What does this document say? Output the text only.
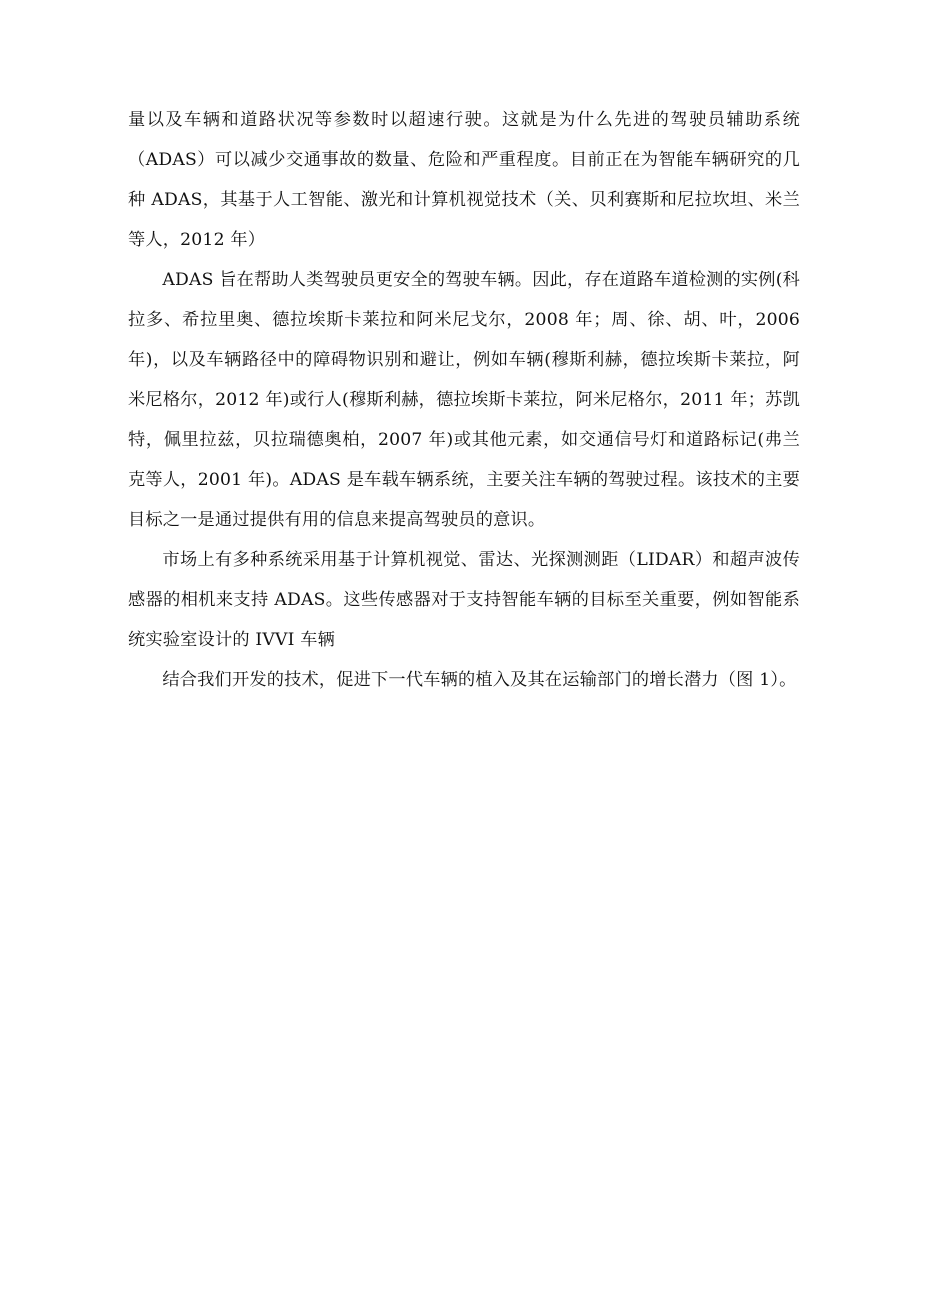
量以及车辆和道路状况等参数时以超速行驶。这就是为什么先进的驾驶员辅助系统（ADAS）可以减少交通事故的数量、危险和严重程度。目前正在为智能车辆研究的几种 ADAS，其基于人工智能、激光和计算机视觉技术（关、贝利赛斯和尼拉坎坦、米兰等人，2012 年）

ADAS 旨在帮助人类驾驶员更安全的驾驶车辆。因此，存在道路车道检测的实例(科拉多、希拉里奥、德拉埃斯卡莱拉和阿米尼戈尔，2008 年；周、徐、胡、叶，2006 年)，以及车辆路径中的障碍物识别和避让，例如车辆(穆斯利赫，德拉埃斯卡莱拉，阿米尼格尔，2012 年)或行人(穆斯利赫，德拉埃斯卡莱拉，阿米尼格尔，2011 年；苏凯特，佩里拉兹，贝拉瑞德奥柏，2007 年)或其他元素，如交通信号灯和道路标记(弗兰克等人，2001 年)。ADAS 是车载车辆系统，主要关注车辆的驾驶过程。该技术的主要目标之一是通过提供有用的信息来提高驾驶员的意识。

市场上有多种系统采用基于计算机视觉、雷达、光探测测距（LIDAR）和超声波传感器的相机来支持 ADAS。这些传感器对于支持智能车辆的目标至关重要，例如智能系统实验室设计的 IVVI 车辆

结合我们开发的技术，促进下一代车辆的植入及其在运输部门的增长潜力（图 1）。
